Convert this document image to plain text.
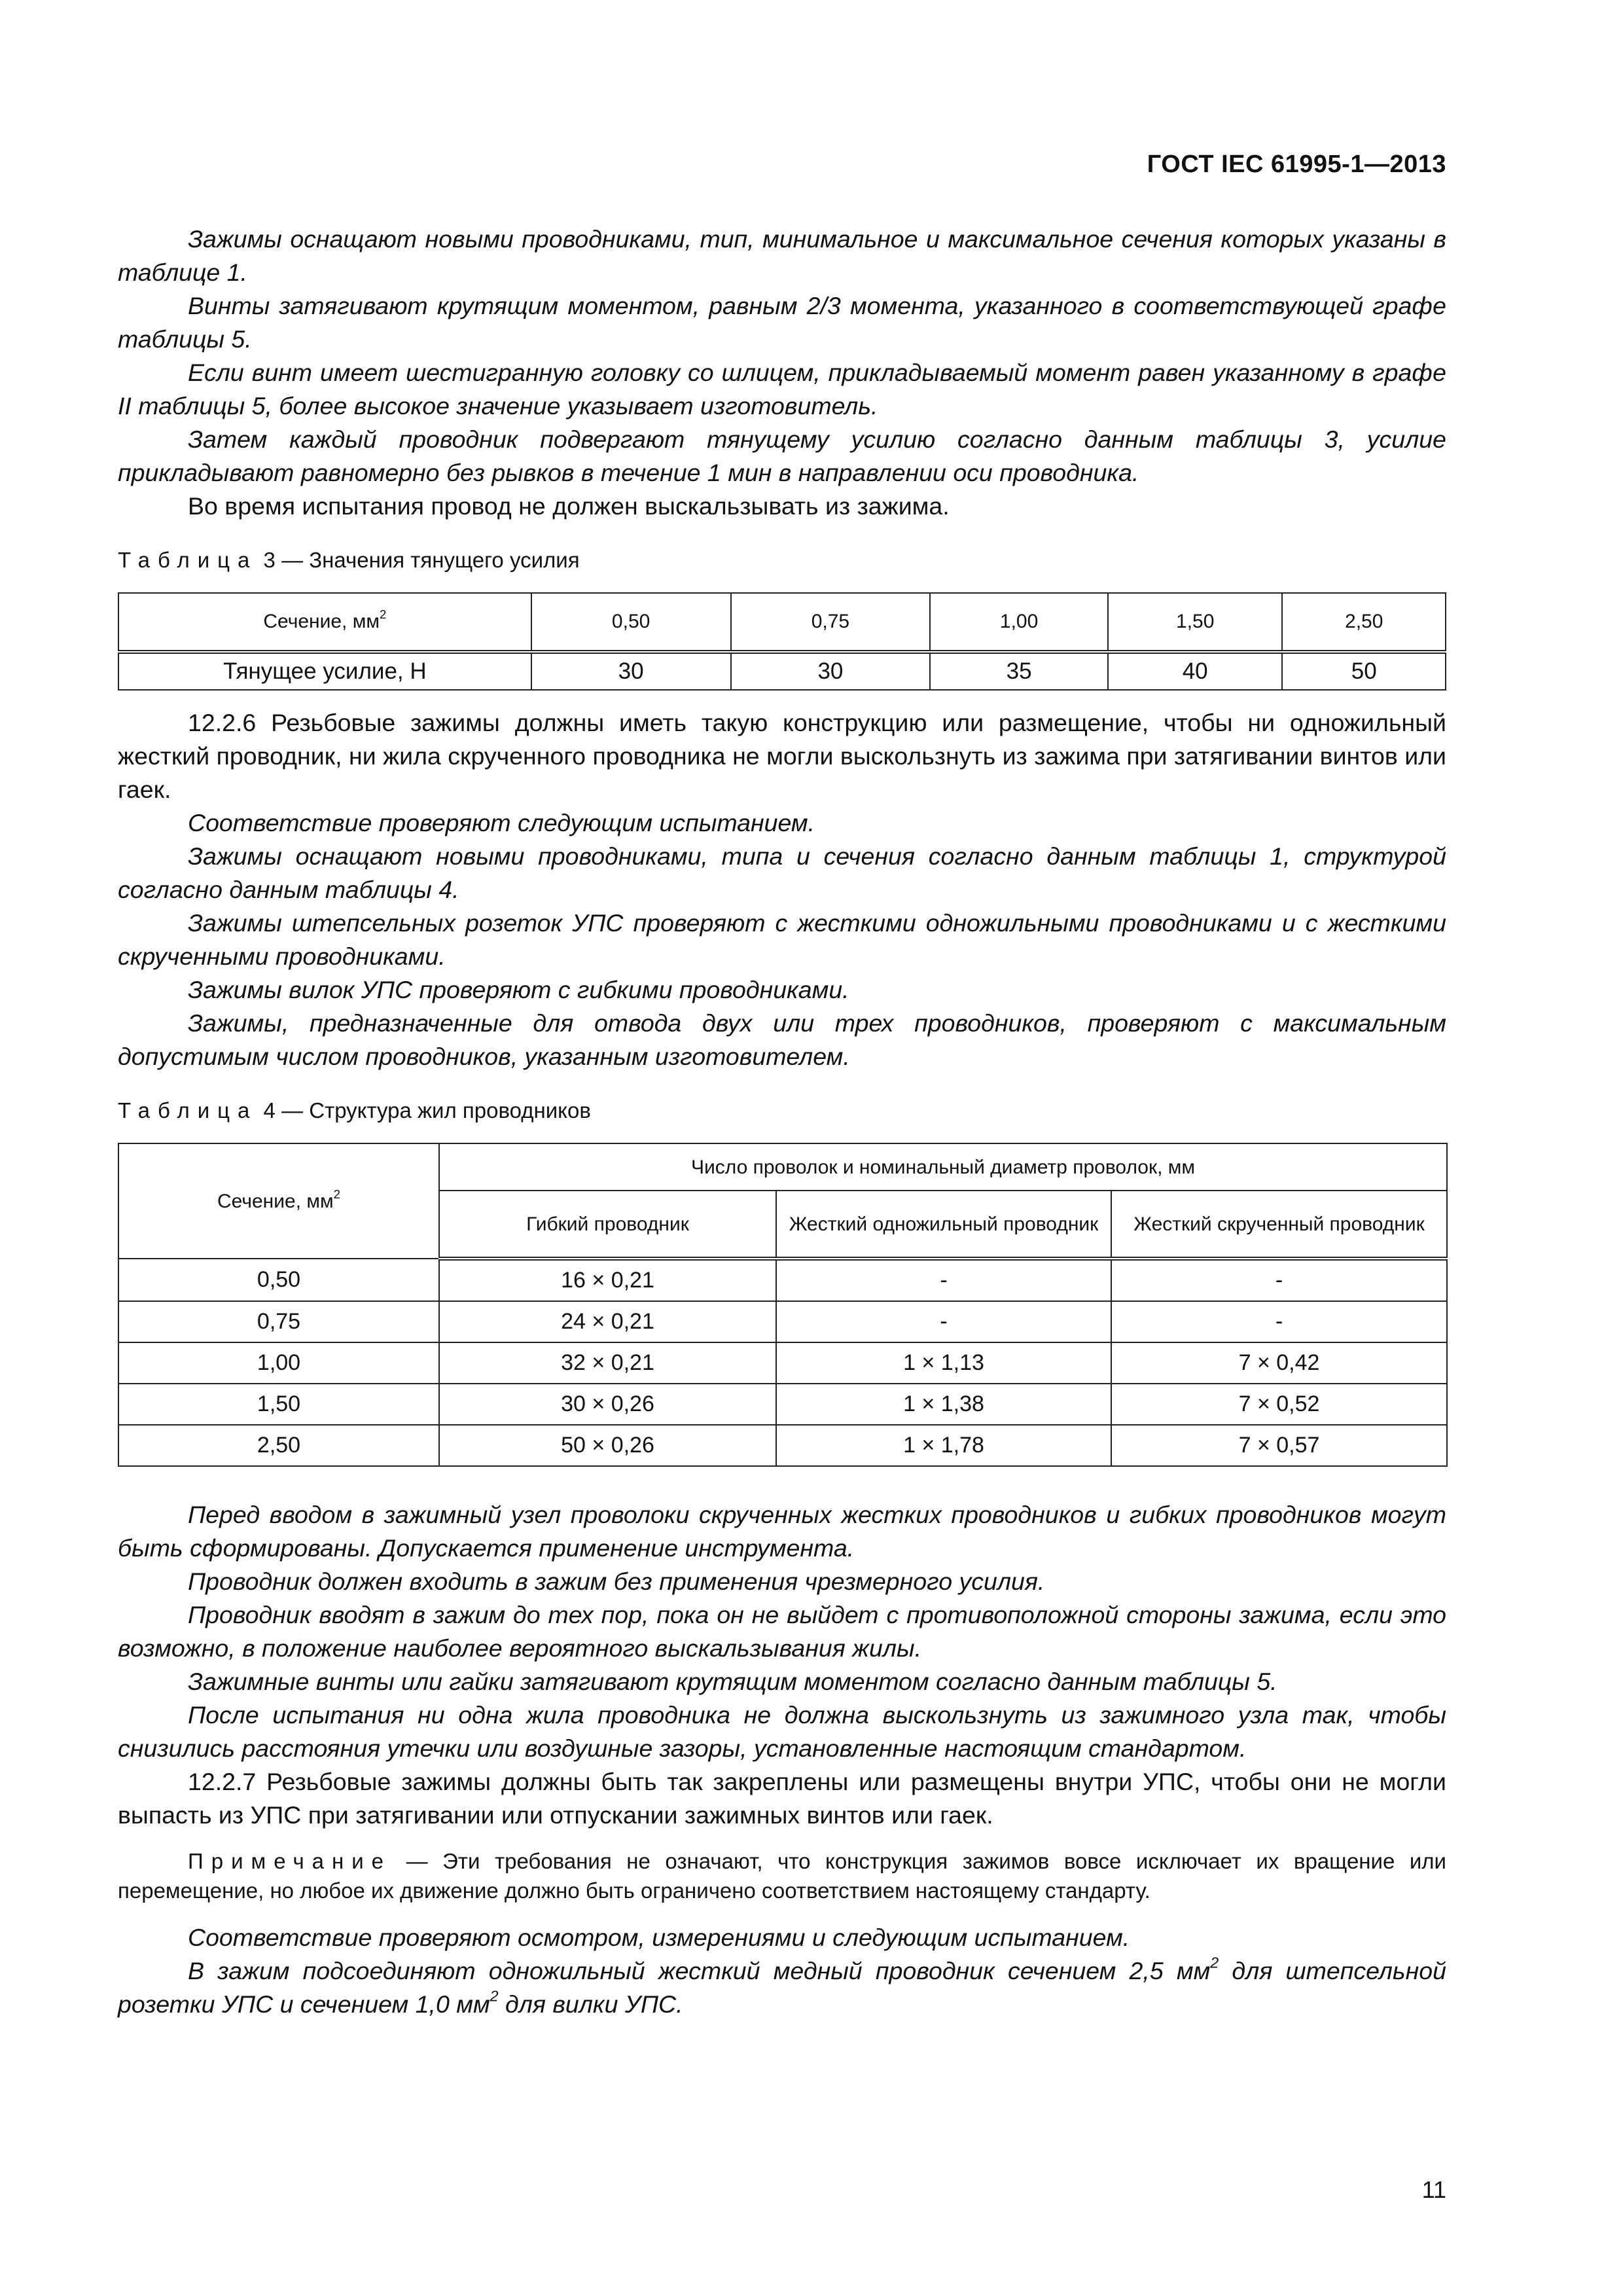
ГОСТ IEC 61995-1—2013

Зажимы оснащают новыми проводниками, тип, минимальное и максимальное сечения которых указаны в таблице 1.

Винты затягивают крутящим моментом, равным 2/3 момента, указанного в соответствующей графе таблицы 5.

Если винт имеет шестигранную головку со шлицем, прикладываемый момент равен указанному в графе II таблицы 5, более высокое значение указывает изготовитель.

Затем каждый проводник подвергают тянущему усилию согласно данным таблицы 3, усилие прикладывают равномерно без рывков в течение 1 мин в направлении оси проводника.

Во время испытания провод не должен выскальзывать из зажима.

Таблица 3 — Значения тянущего усилия
Сечение, $мм^2$	0,50	0,75	1,00	1,50	2,50
Тянущее усилие, Н	30	30	35	40	50

12.2.6 Резьбовые зажимы должны иметь такую конструкцию или размещение, чтобы ни одножильный жесткий проводник, ни жила скрученного проводника не могли выскользнуть из зажима при затягивании винтов или гаек.

Соответствие проверяют следующим испытанием.

Зажимы оснащают новыми проводниками, типа и сечения согласно данным таблицы 1, структурой согласно данным таблицы 4.

Зажимы штепсельных розеток УПС проверяют с жесткими одножильными проводниками и с жесткими скрученными проводниками.

Зажимы вилок УПС проверяют с гибкими проводниками.

Зажимы, предназначенные для отвода двух или трех проводников, проверяют с максимальным допустимым числом проводников, указанным изготовителем.

Таблица 4 — Структура жил проводников
Сечение, $мм^2$	Число проволок и номинальный диаметр проволок, мм		
	Гибкий проводник	Жесткий одножильный проводник	Жесткий скрученный проводник
0,50	16 × 0,21	-	-
0,75	24 × 0,21	-	-
1,00	32 × 0,21	1 × 1,13	7 × 0,42
1,50	30 × 0,26	1 × 1,38	7 × 0,52
2,50	50 × 0,26	1 × 1,78	7 × 0,57

Перед вводом в зажимный узел проволоки скрученных жестких проводников и гибких проводников могут быть сформированы. Допускается применение инструмента.

Проводник должен входить в зажим без применения чрезмерного усилия.

Проводник вводят в зажим до тех пор, пока он не выйдет с противоположной стороны зажима, если это возможно, в положение наиболее вероятного выскальзывания жилы.

Зажимные винты или гайки затягивают крутящим моментом согласно данным таблицы 5.

После испытания ни одна жила проводника не должна выскользнуть из зажимного узла так, чтобы снизились расстояния утечки или воздушные зазоры, установленные настоящим стандартом.

12.2.7 Резьбовые зажимы должны быть так закреплены или размещены внутри УПС, чтобы они не могли выпасть из УПС при затягивании или отпускании зажимных винтов или гаек.

Примечание — Эти требования не означают, что конструкция зажимов вовсе исключает их вращение или перемещение, но любое их движение должно быть ограничено соответствием настоящему стандарту.

Соответствие проверяют осмотром, измерениями и следующим испытанием.

В зажим подсоединяют одножильный жесткий медный проводник сечением 2,5 $мм^2$ для штепсельной розетки УПС и сечением 1,0 $мм^2$ для вилки УПС.

11
